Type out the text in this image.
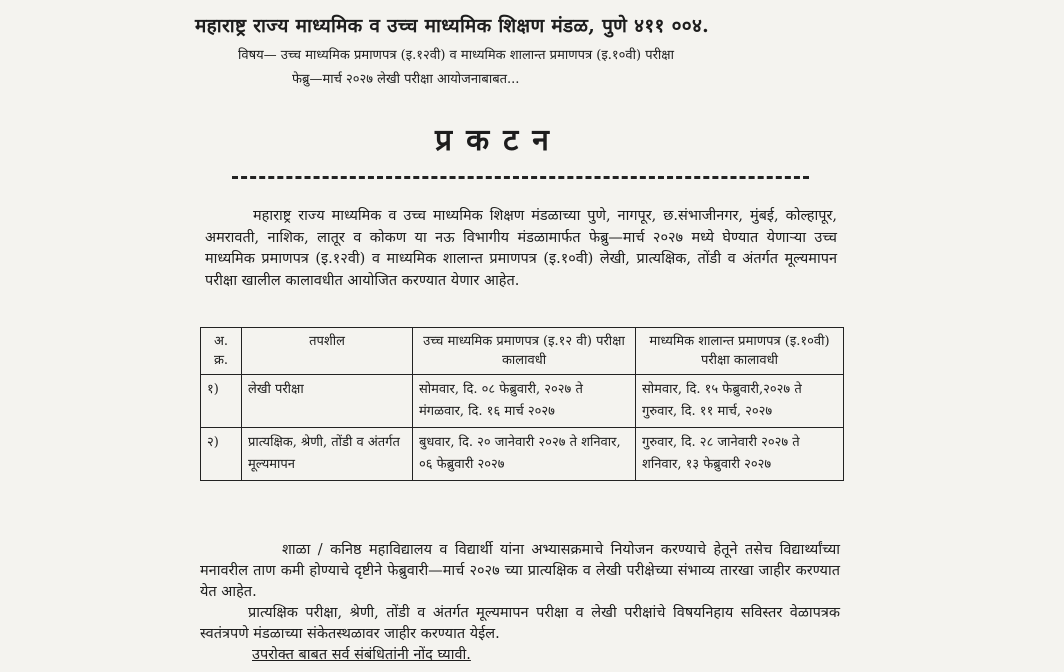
महाराष्ट्र राज्य माध्यमिक व उच्च माध्यमिक शिक्षण मंडळ, पुणे ४११ ००४.
विषय— उच्च माध्यमिक प्रमाणपत्र (इ.१२वी) व माध्यमिक शालान्त प्रमाणपत्र (इ.१०वी) परीक्षा
फेब्रु—मार्च २०२७ लेखी परीक्षा आयोजनाबाबत...
प्रकटन
महाराष्ट्र राज्य माध्यमिक व उच्च माध्यमिक शिक्षण मंडळाच्या पुणे, नागपूर, छ.संभाजीनगर, मुंबई, कोल्हापूर, अमरावती, नाशिक, लातूर व कोकण या नऊ विभागीय मंडळामार्फत फेब्रु—मार्च २०२७ मध्ये घेण्यात येणाऱ्या उच्च माध्यमिक प्रमाणपत्र (इ.१२वी) व माध्यमिक शालान्त प्रमाणपत्र (इ.१०वी) लेखी, प्रात्यक्षिक, तोंडी व अंतर्गत मूल्यमापन परीक्षा खालील कालावधीत आयोजित करण्यात येणार आहेत.
अ. क्र.	तपशील	उच्च माध्यमिक प्रमाणपत्र (इ.१२ वी) परीक्षा कालावधी	माध्यमिक शालान्त प्रमाणपत्र (इ.१०वी) परीक्षा कालावधी
१)	लेखी परीक्षा	सोमवार, दि. ०८ फेब्रुवारी, २०२७ ते मंगळवार, दि. १६ मार्च २०२७	सोमवार, दि. १५ फेब्रुवारी,२०२७ ते गुरुवार, दि. ११ मार्च, २०२७
२)	प्रात्यक्षिक, श्रेणी, तोंडी व अंतर्गत मूल्यमापन	बुधवार, दि. २० जानेवारी २०२७ ते शनिवार, ०६ फेब्रुवारी २०२७	गुरुवार, दि. २८ जानेवारी २०२७ ते शनिवार, १३ फेब्रुवारी २०२७

शाळा / कनिष्ठ महाविद्यालय व विद्यार्थी यांना अभ्यासक्रमाचे नियोजन करण्याचे हेतूने तसेच विद्यार्थ्यांच्या मनावरील ताण कमी होण्याचे दृष्टीने फेब्रुवारी—मार्च २०२७ च्या प्रात्यक्षिक व लेखी परीक्षेच्या संभाव्य तारखा जाहीर करण्यात येत आहेत.

प्रात्यक्षिक परीक्षा, श्रेणी, तोंडी व अंतर्गत मूल्यमापन परीक्षा व लेखी परीक्षांचे विषयनिहाय सविस्तर वेळापत्रक स्वतंत्रपणे मंडळाच्या संकेतस्थळावर जाहीर करण्यात येईल.

उपरोक्त बाबत सर्व संबंधितांनी नोंद घ्यावी.
